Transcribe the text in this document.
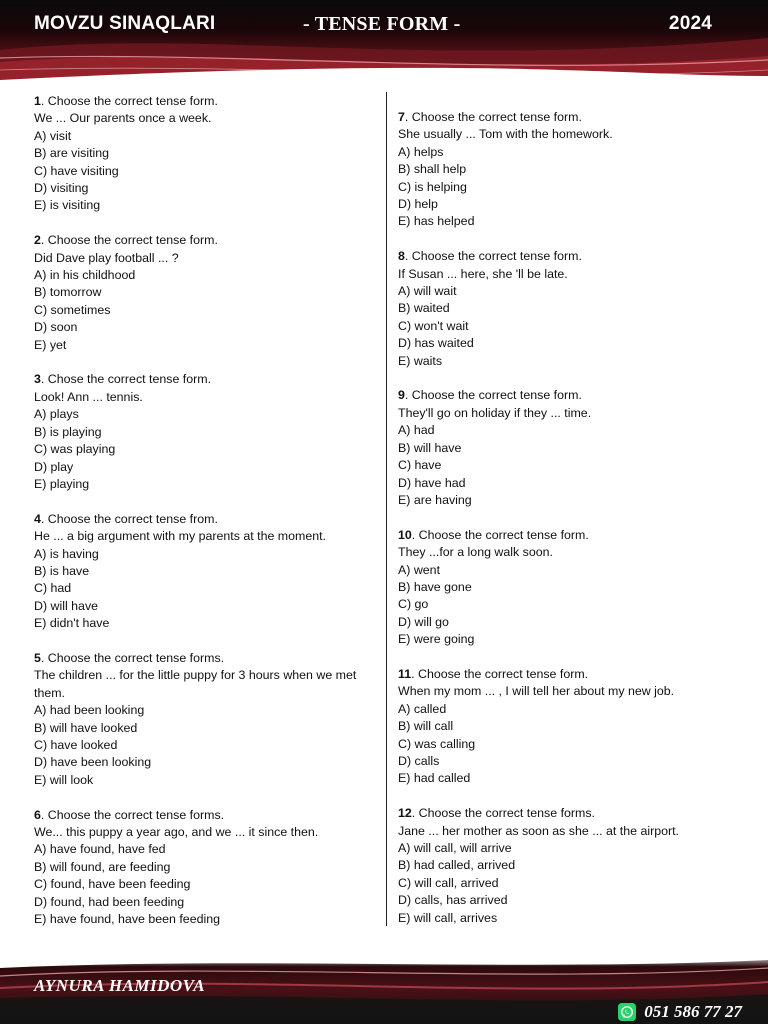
MOVZU SINAQLARI	- TENSE FORM -	2024
1. Choose the correct tense form.
We ... Our parents once a week.
A) visit
B) are visiting
C) have visiting
D) visiting
E) is visiting
2. Choose the correct tense form.
Did Dave play football ... ?
A) in his childhood
B) tomorrow
C) sometimes
D) soon
E) yet
3. Chose the correct tense form.
Look! Ann ... tennis.
A) plays
B) is playing
C) was playing
D) play
E) playing
4. Choose the correct tense from.
He ... a big argument with my parents at the moment.
A) is having
B) is have
C) had
D) will have
E) didn't have
5. Choose the correct tense forms.
The children ... for the little puppy for 3 hours when we met them.
A) had been looking
B) will have looked
C) have looked
D) have been looking
E) will look
6. Choose the correct tense forms.
We... this puppy a year ago, and we ... it since then.
A) have found, have fed
B) will found, are feeding
C) found, have been feeding
D) found, had been feeding
E) have found, have been feeding
7. Choose the correct tense form.
She usually ... Tom with the homework.
A) helps
B) shall help
C) is helping
D) help
E) has helped
8. Choose the correct tense form.
If Susan ... here, she 'll be late.
A) will wait
B) waited
C) won't wait
D) has waited
E) waits
9. Choose the correct tense form.
They'll go on holiday if they ... time.
A) had
B) will have
C) have
D) have had
E) are having
10. Choose the correct tense form.
They ...for a long walk soon.
A) went
B) have gone
C) go
D) will go
E) were going
11. Choose the correct tense form.
When my mom ... , I will tell her about my new job.
A) called
B) will call
C) was calling
D) calls
E) had called
12. Choose the correct tense forms.
Jane ... her mother as soon as she ... at the airport.
A) will call, will arrive
B) had called, arrived
C) will call, arrived
D) calls, has arrived
E) will call, arrives
AYNURA HAMIDOVA
051 586 77 27
